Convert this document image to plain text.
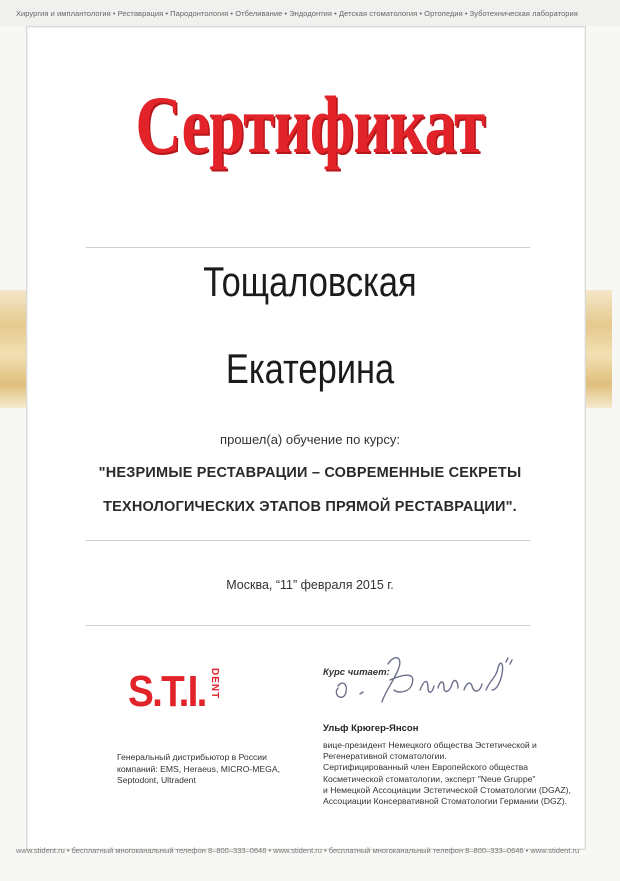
Хирургия и имплантология • Реставрация • Пародонтология • Отбеливание • Эндодонтия • Детская стоматология • Ортопедия • Зуботехническая лаборатория
Сертификат
Тощаловская
Екатерина
прошел(а) обучение по курсу:
"НЕЗРИМЫЕ РЕСТАВРАЦИИ – СОВРЕМЕННЫЕ СЕКРЕТЫ
ТЕХНОЛОГИЧЕСКИХ ЭТАПОВ ПРЯМОЙ РЕСТАВРАЦИИ".
Москва, “11” февраля 2015 г.
S.T.I. DENT
Генеральный дистрибьютор в России
компаний: EMS, Heraeus, MICRO-MEGA,
Septodont, Ultradent
Курс читает:
Ульф Крюгер-Янсон
вице-президент Немецкого общества Эстетической и
Регенеративной стоматологии.
Сертифицированный член Европейского общества
Косметической стоматологии, эксперт "Neue Gruppe"
и Немецкой Ассоциации Эстетической Стоматологии (DGAZ),
Ассоциации Консервативной Стоматологии Германии (DGZ).
www.stident.ru • бесплатный многоканальный телефон 8–800–333–0646 • www.stident.ru • бесплатный многоканальный телефон 8–800–333–0646 • www.stident.ru
